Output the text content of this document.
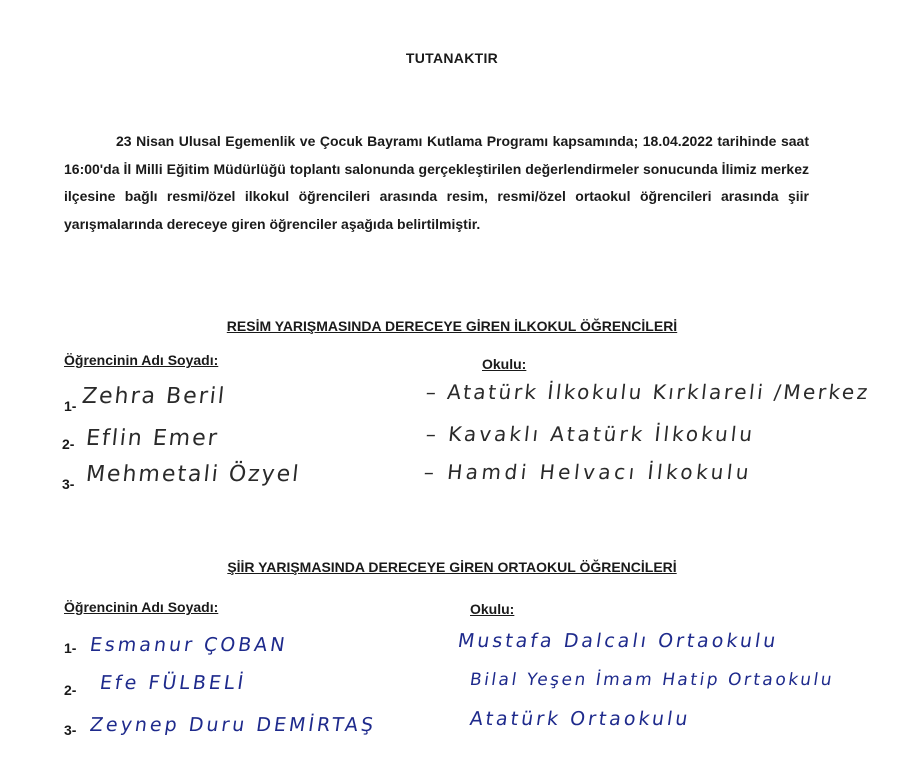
TUTANAKTIR

23 Nisan Ulusal Egemenlik ve Çocuk Bayramı Kutlama Programı kapsamında; 18.04.2022 tarihinde saat 16:00'da İl Milli Eğitim Müdürlüğü toplantı salonunda gerçekleştirilen değerlendirmeler sonucunda İlimiz merkez ilçesine bağlı resmi/özel ilkokul öğrencileri arasında resim, resmi/özel ortaokul öğrencileri arasında şiir yarışmalarında dereceye giren öğrenciler aşağıda belirtilmiştir.

RESİM YARIŞMASINDA DERECEYE GİREN İLKOKUL ÖĞRENCİLERİ
Öğrencinin Adı Soyadı:	Okulu:
1- Zehra Beril	– Atatürk İlkokulu Kırklareli /Merkez
2- Eflin Emer	– Kavaklı Atatürk İlkokulu
3- Mehmetali Özyel	– Hamdi Helvacı İlkokulu
ŞİİR YARIŞMASINDA DERECEYE GİREN ORTAOKUL ÖĞRENCİLERİ
Öğrencinin Adı Soyadı:	Okulu:
1- Esmanur ÇOBAN	Mustafa Dalcalı Ortaokulu
2- Efe FÜLBELİ	Bilal Yeşen İmam Hatip Ortaokulu
3- Zeynep Duru DEMİRTAŞ	Atatürk Ortaokulu
